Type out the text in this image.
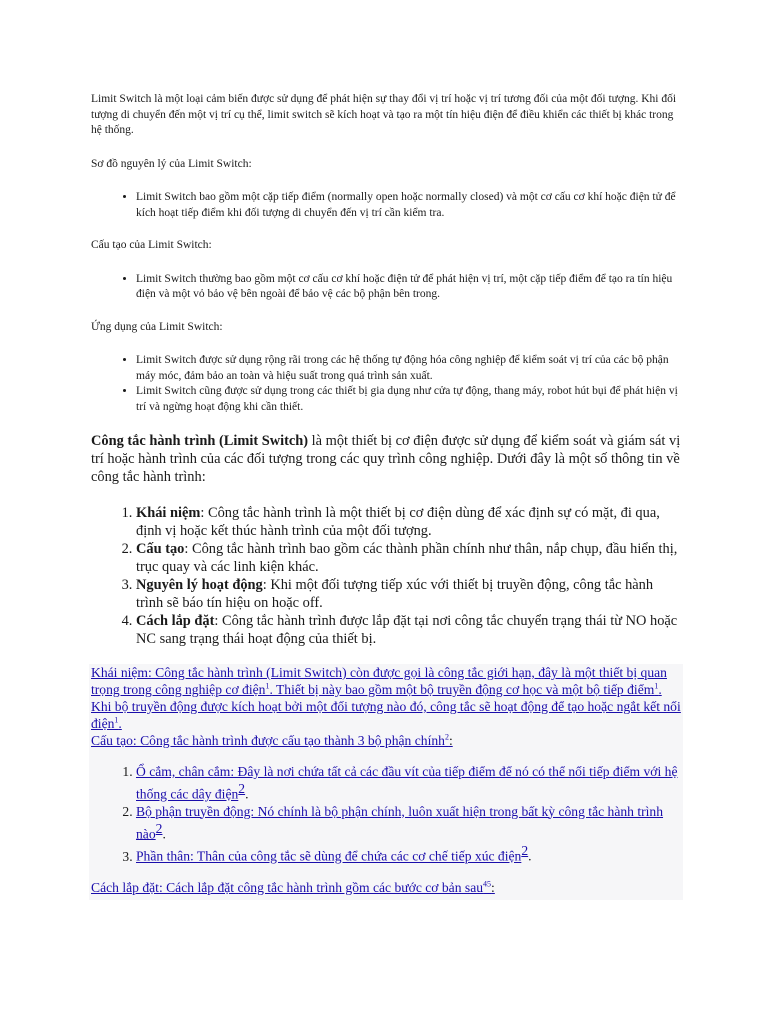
Limit Switch là một loại cảm biến được sử dụng để phát hiện sự thay đổi vị trí hoặc vị trí tương đối của một đối tượng. Khi đối tượng di chuyển đến một vị trí cụ thể, limit switch sẽ kích hoạt và tạo ra một tín hiệu điện để điều khiển các thiết bị khác trong hệ thống.

Sơ đồ nguyên lý của Limit Switch:

• Limit Switch bao gồm một cặp tiếp điểm (normally open hoặc normally closed) và một cơ cấu cơ khí hoặc điện tử để kích hoạt tiếp điểm khi đối tượng di chuyển đến vị trí cần kiểm tra.

Cấu tạo của Limit Switch:

• Limit Switch thường bao gồm một cơ cấu cơ khí hoặc điện tử để phát hiện vị trí, một cặp tiếp điểm để tạo ra tín hiệu điện và một vỏ bảo vệ bên ngoài để bảo vệ các bộ phận bên trong.

Ứng dụng của Limit Switch:

• Limit Switch được sử dụng rộng rãi trong các hệ thống tự động hóa công nghiệp để kiểm soát vị trí của các bộ phận máy móc, đảm bảo an toàn và hiệu suất trong quá trình sản xuất.
• Limit Switch cũng được sử dụng trong các thiết bị gia dụng như cửa tự động, thang máy, robot hút bụi để phát hiện vị trí và ngừng hoạt động khi cần thiết.

Công tắc hành trình (Limit Switch) là một thiết bị cơ điện được sử dụng để kiểm soát và giám sát vị trí hoặc hành trình của các đối tượng trong các quy trình công nghiệp. Dưới đây là một số thông tin về công tắc hành trình:

1. Khái niệm: Công tắc hành trình là một thiết bị cơ điện dùng để xác định sự có mặt, đi qua, định vị hoặc kết thúc hành trình của một đối tượng.
2. Cấu tạo: Công tắc hành trình bao gồm các thành phần chính như thân, nắp chụp, đầu hiển thị, trục quay và các linh kiện khác.
3. Nguyên lý hoạt động: Khi một đối tượng tiếp xúc với thiết bị truyền động, công tắc hành trình sẽ báo tín hiệu on hoặc off.
4. Cách lắp đặt: Công tắc hành trình được lắp đặt tại nơi công tắc chuyển trạng thái từ NO hoặc NC sang trạng thái hoạt động của thiết bị.
Khái niệm: Công tắc hành trình (Limit Switch) còn được gọi là công tắc giới hạn, đây là một thiết bị quan trọng trong công nghiệp cơ điện$^1$. Thiết bị này bao gồm một bộ truyền động cơ học và một bộ tiếp điểm$^1$. Khi bộ truyền động được kích hoạt bởi một đối tượng nào đó, công tắc sẽ hoạt động để tạo hoặc ngắt kết nối điện$^1$.
Cấu tạo: Công tắc hành trình được cấu tạo thành 3 bộ phận chính$^2$:
1. Ổ cắm, chân cắm: Đây là nơi chứa tất cả các đầu vít của tiếp điểm để nó có thể nối tiếp điểm với hệ thống các dây điện$^2$.
2. Bộ phận truyền động: Nó chính là bộ phận chính, luôn xuất hiện trong bất kỳ công tắc hành trình nào$^2$.
3. Phần thân: Thân của công tắc sẽ dùng để chứa các cơ chế tiếp xúc điện$^2$.
Cách lắp đặt: Cách lắp đặt công tắc hành trình gồm các bước cơ bản sau$^{45}$:
